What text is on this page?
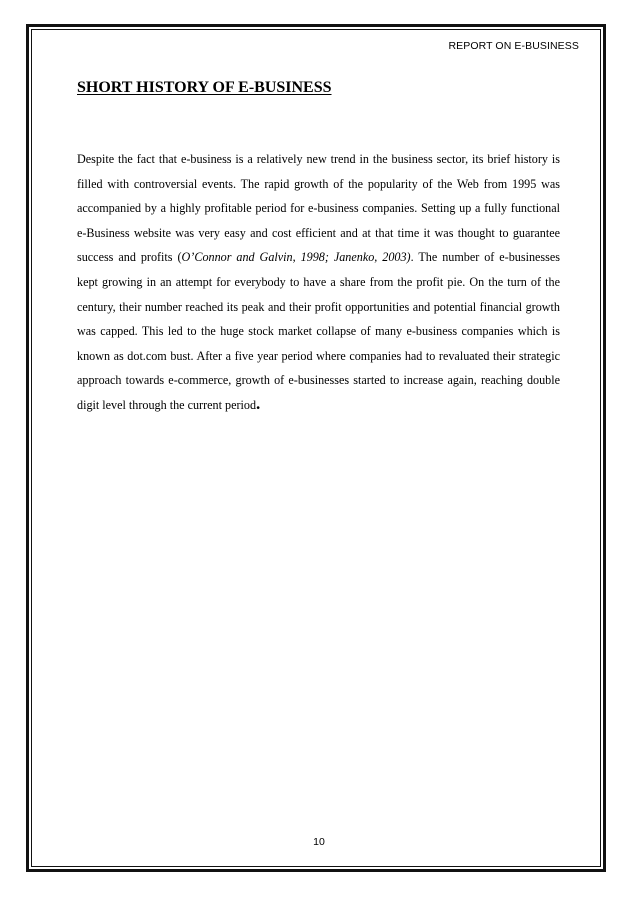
REPORT ON E-BUSINESS
SHORT HISTORY OF E-BUSINESS

Despite the fact that e-business is a relatively new trend in the business sector, its brief history is filled with controversial events. The rapid growth of the popularity of the Web from 1995 was accompanied by a highly profitable period for e-business companies. Setting up a fully functional e-Business website was very easy and cost efficient and at that time it was thought to guarantee success and profits (O’Connor and Galvin, 1998; Janenko, 2003). The number of e-businesses kept growing in an attempt for everybody to have a share from the profit pie. On the turn of the century, their number reached its peak and their profit opportunities and potential financial growth was capped. This led to the huge stock market collapse of many e-business companies which is known as dot.com bust. After a five year period where companies had to revaluated their strategic approach towards e-commerce, growth of e-businesses started to increase again, reaching double digit level through the current period.

10
